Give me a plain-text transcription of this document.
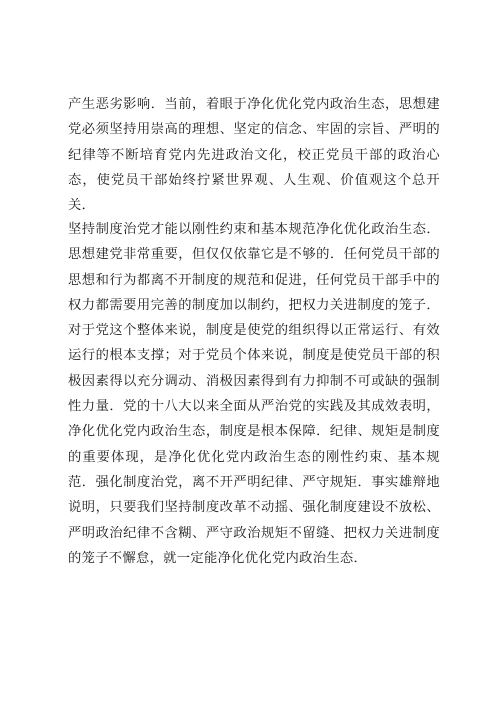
产生恶劣影响．当前，着眼于净化优化党内政治生态，思想建党必须坚持用崇高的理想、坚定的信念、牢固的宗旨、严明的纪律等不断培育党内先进政治文化，校正党员干部的政治心态，使党员干部始终拧紧世界观、人生观、价值观这个总开关．

坚持制度治党才能以刚性约束和基本规范净化优化政治生态．思想建党非常重要，但仅仅依靠它是不够的．任何党员干部的思想和行为都离不开制度的规范和促进，任何党员干部手中的权力都需要用完善的制度加以制约，把权力关进制度的笼子．对于党这个整体来说，制度是使党的组织得以正常运行、有效运行的根本支撑；对于党员个体来说，制度是使党员干部的积极因素得以充分调动、消极因素得到有力抑制不可或缺的强制性力量．党的十八大以来全面从严治党的实践及其成效表明，净化优化党内政治生态，制度是根本保障．纪律、规矩是制度的重要体现，是净化优化党内政治生态的刚性约束、基本规范．强化制度治党，离不开严明纪律、严守规矩．事实雄辩地说明，只要我们坚持制度改革不动摇、强化制度建设不放松、严明政治纪律不含糊、严守政治规矩不留缝、把权力关进制度的笼子不懈怠，就一定能净化优化党内政治生态．
